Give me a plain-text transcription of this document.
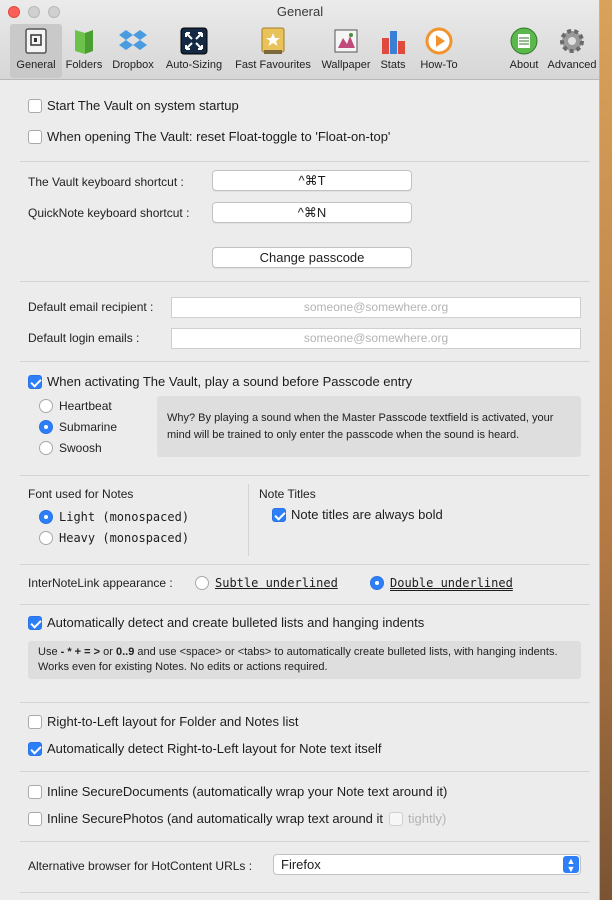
General
General Folders Dropbox	Auto-Sizing	Fast Favourites Wallpaper Stats	How-To	About Advanced
Start The Vault on system startup
When opening The Vault: reset Float-toggle to 'Float-on-top'
The Vault keyboard shortcut :	^⌘T
QuickNote keyboard shortcut :	^⌘N
Change passcode
Default email recipient :	someone@somewhere.org
Default login emails :	someone@somewhere.org
When activating The Vault, play a sound before Passcode entry
Heartbeat
Submarine
Swoosh
Why? By playing a sound when the Master Passcode textfield is activated, your mind will be trained to only enter the passcode when the sound is heard.
Font used for Notes
Light (monospaced)
Heavy (monospaced)
Note Titles
Note titles are always bold
InterNoteLink appearance :	Subtle underlined	Double underlined
Automatically detect and create bulleted lists and hanging indents
Use - * + = > or 0..9 and use <space> or <tabs> to automatically create bulleted lists, with hanging indents. Works even for existing Notes. No edits or actions required.
Right-to-Left layout for Folder and Notes list
Automatically detect Right-to-Left layout for Note text itself
Inline SecureDocuments (automatically wrap your Note text around it)
Inline SecurePhotos (and automatically wrap text around it tightly)
Alternative browser for HotContent URLs :	Firefox	▲
▼
